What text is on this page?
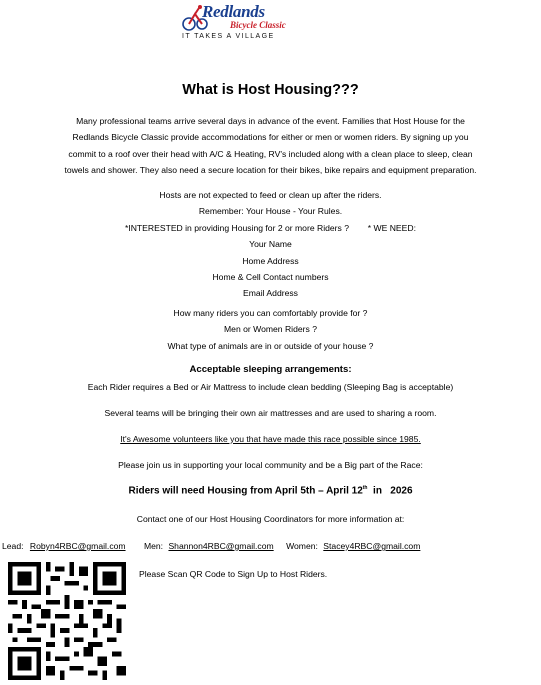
Redlands
Bicycle Classic
IT TAKES A VILLAGE
What is Host Housing???
Many professional teams arrive several days in advance of the event. Families that Host House for the
Redlands Bicycle Classic provide accommodations for either or men or women riders. By signing up you
commit to a roof over their head with A/C & Heating, RV's included along with a clean place to sleep, clean
towels and shower. They also need a secure location for their bikes, bike repairs and equipment preparation.
Hosts are not expected to feed or clean up after the riders.
Remember: Your House - Your Rules.
*INTERESTED in providing Housing for 2 or more Riders ? * WE NEED:
Your Name
Home Address
Home & Cell Contact numbers
Email Address
How many riders you can comfortably provide for ?
Men or Women Riders ?
What type of animals are in or outside of your house ?
Acceptable sleeping arrangements:
Each Rider requires a Bed or Air Mattress to include clean bedding (Sleeping Bag is acceptable)
Several teams will be bringing their own air mattresses and are used to sharing a room.
It's Awesome volunteers like you that have made this race possible since 1985.
Please join us in supporting your local community and be a Big part of the Race:
Riders will need Housing from April 5th – April 12th  in   2026
Contact one of our Host Housing Coordinators for more information at:
Lead: Robyn4RBC@gmail.com Men: Shannon4RBC@gmail.com Women: Stacey4RBC@gmail.com
Please Scan QR Code to Sign Up to Host Riders.
